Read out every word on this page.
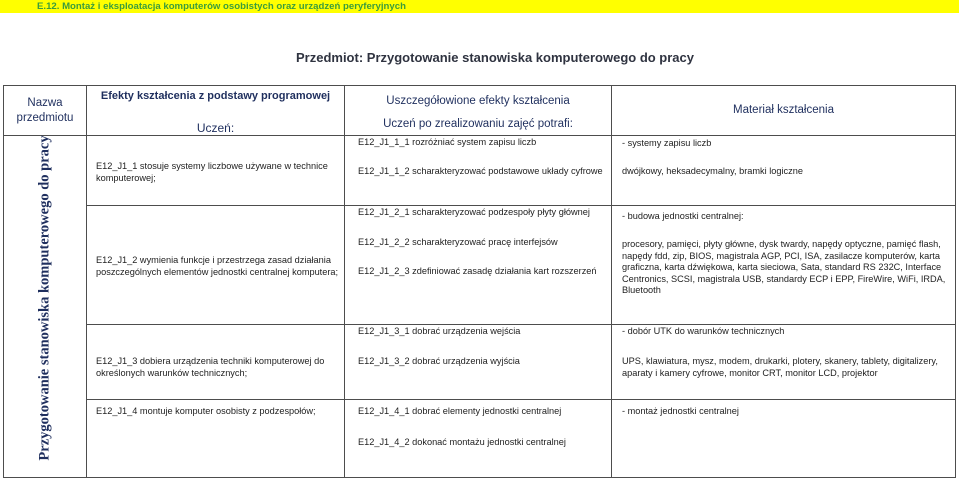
E.12. Montaż i eksploatacja komputerów osobistych oraz urządzeń peryferyjnych
Przedmiot: Przygotowanie stanowiska komputerowego do pracy
Nazwa przedmiotu
Efekty kształcenia z podstawy programowej
Uczeń:
Uszczegółowione efekty kształcenia
Uczeń po zrealizowaniu zajęć potrafi:
Materiał kształcenia
Przygotowanie stanowiska komputerowego do pracy	E12_J1_1 stosuje systemy liczbowe używane w technice
komputerowej;
E12_J1_1_1 rozróżniać system zapisu liczb
E12_J1_1_2 scharakteryzować podstawowe układy cyfrowe
- systemy zapisu liczb
dwójkowy, heksadecymalny, bramki logiczne
E12_J1_2 wymienia funkcje i przestrzega zasad działania
poszczególnych elementów jednostki centralnej komputera;
E12_J1_2_1 scharakteryzować podzespoły płyty głównej
E12_J1_2_2 scharakteryzować pracę interfejsów
E12_J1_2_3 zdefiniować zasadę działania kart rozszerzeń
- budowa jednostki centralnej:
procesory, pamięci, płyty główne, dysk twardy, napędy optyczne, pamięć flash,
napędy fdd, zip, BIOS, magistrala AGP, PCI, ISA, zasilacze komputerów, karta
graficzna, karta dźwiękowa, karta sieciowa, Sata, standard RS 232C, Interface
Centronics, SCSI, magistrala USB, standardy ECP i EPP, FireWire, WiFi, IRDA,
Bluetooth
E12_J1_3 dobiera urządzenia techniki komputerowej do
określonych warunków technicznych;
E12_J1_3_1 dobrać urządzenia wejścia
E12_J1_3_2 dobrać urządzenia wyjścia
- dobór UTK do warunków technicznych
UPS, klawiatura, mysz, modem, drukarki, plotery, skanery, tablety, digitalizery,
aparaty i kamery cyfrowe, monitor CRT, monitor LCD, projektor
E12_J1_4 montuje komputer osobisty z podzespołów;	E12_J1_4_1 dobrać elementy jednostki centralnej
E12_J1_4_2 dokonać montażu jednostki centralnej
- montaż jednostki centralnej
